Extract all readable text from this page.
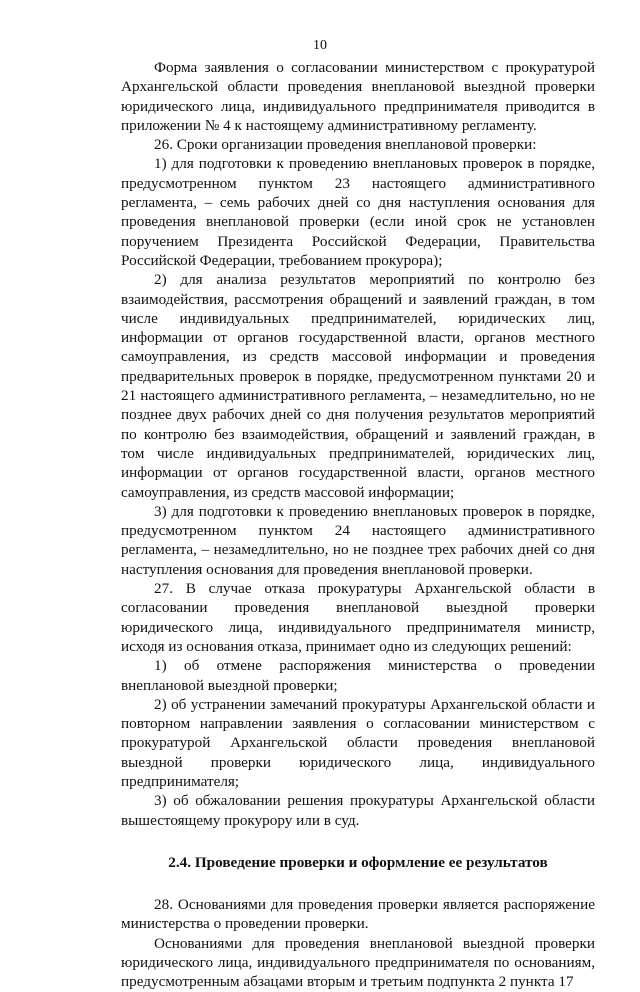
10

Форма заявления о согласовании министерством с прокуратурой Архангельской области проведения внеплановой выездной проверки юридического лица, индивидуального предпринимателя приводится в приложении № 4 к настоящему административному регламенту.

26. Сроки организации проведения внеплановой проверки:

1) для подготовки к проведению внеплановых проверок в порядке, предусмотренном пунктом 23 настоящего административного регламента, – семь рабочих дней со дня наступления основания для проведения внеплановой проверки (если иной срок не установлен поручением Президента Российской Федерации, Правительства Российской Федерации, требованием прокурора);

2) для анализа результатов мероприятий по контролю без взаимодействия, рассмотрения обращений и заявлений граждан, в том числе индивидуальных предпринимателей, юридических лиц, информации от органов государственной власти, органов местного самоуправления, из средств массовой информации и проведения предварительных проверок в порядке, предусмотренном пунктами 20 и 21 настоящего административного регламента, – незамедлительно, но не позднее двух рабочих дней со дня получения результатов мероприятий по контролю без взаимодействия, обращений и заявлений граждан, в том числе индивидуальных предпринимателей, юридических лиц, информации от органов государственной власти, органов местного самоуправления, из средств массовой информации;

3) для подготовки к проведению внеплановых проверок в порядке, предусмотренном пунктом 24 настоящего административного регламента, – незамедлительно, но не позднее трех рабочих дней со дня наступления основания для проведения внеплановой проверки.

27. В случае отказа прокуратуры Архангельской области в согласовании проведения внеплановой выездной проверки юридического лица, индивидуального предпринимателя министр, исходя из основания отказа, принимает одно из следующих решений:

1) об отмене распоряжения министерства о проведении внеплановой выездной проверки;

2) об устранении замечаний прокуратуры Архангельской области и повторном направлении заявления о согласовании министерством с прокуратурой Архангельской области проведения внеплановой выездной проверки юридического лица, индивидуального предпринимателя;

3) об обжаловании решения прокуратуры Архангельской области вышестоящему прокурору или в суд.

2.4. Проведение проверки и оформление ее результатов

28. Основаниями для проведения проверки является распоряжение министерства о проведении проверки.

Основаниями для проведения внеплановой выездной проверки юридического лица, индивидуального предпринимателя по основаниям, предусмотренным абзацами вторым и третьим подпункта 2 пункта 17
